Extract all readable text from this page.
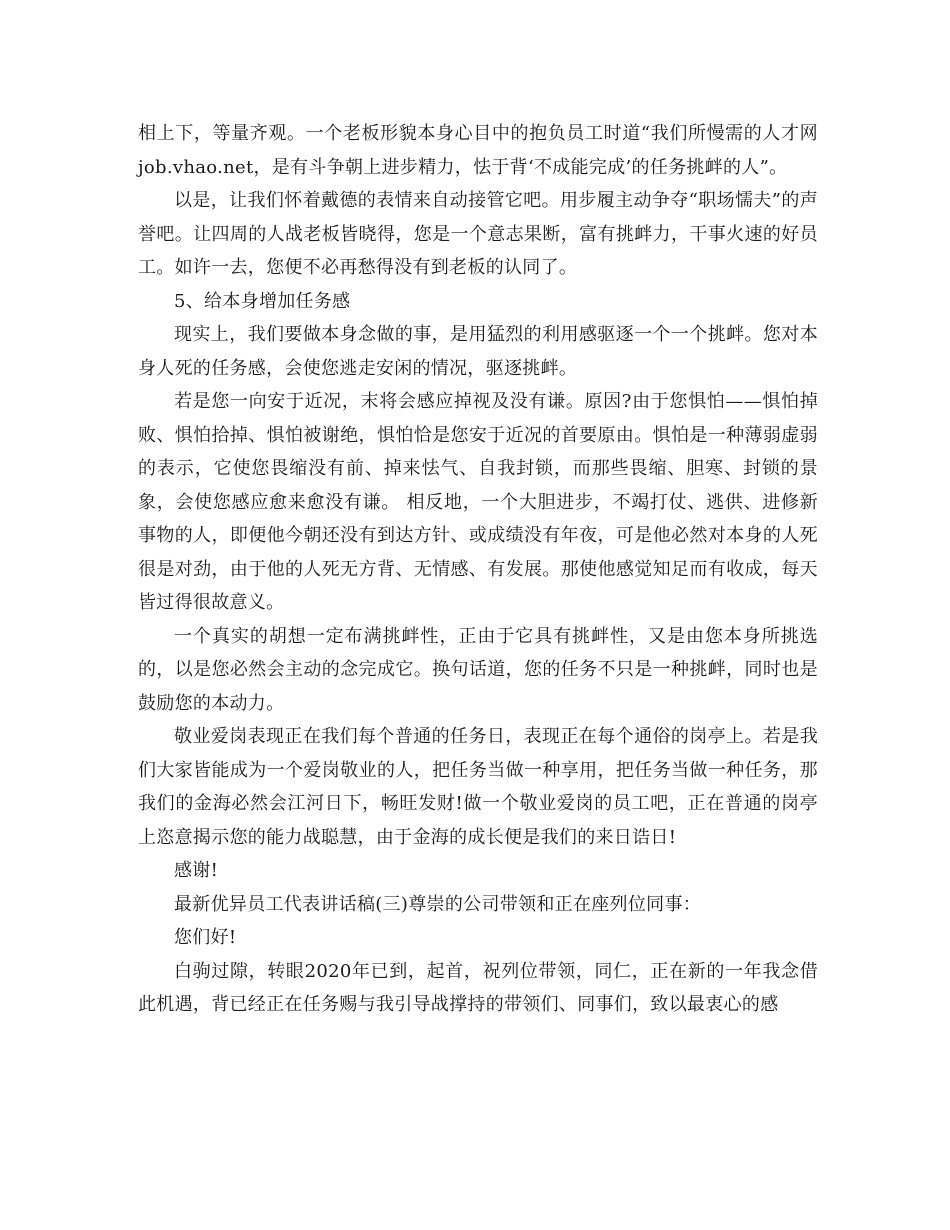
相上下，等量齐观。一个老板形貌本身心目中的抱负员工时道“我们所慢需的人才网 job.vhao.net，是有斗争朝上进步精力，怯于背‘不成能完成’的任务挑衅的人”。

以是，让我们怀着戴德的表情来自动接管它吧。用步履主动争夺“职场懦夫”的声誉吧。让四周的人战老板皆晓得，您是一个意志果断，富有挑衅力，干事火速的好员工。如许一去，您便不必再愁得没有到老板的认同了。

5、给本身增加任务感

现实上，我们要做本身念做的事，是用猛烈的利用感驱逐一个一个挑衅。您对本身人死的任务感，会使您逃走安闲的情况，驱逐挑衅。

若是您一向安于近况，末将会感应掉视及没有谦。原因?由于您惧怕——惧怕掉败、惧怕拾掉、惧怕被谢绝，惧怕恰是您安于近况的首要原由。惧怕是一种薄弱虚弱的表示，它使您畏缩没有前、掉来怯气、自我封锁，而那些畏缩、胆寒、封锁的景象，会使您感应愈来愈没有谦。 相反地，一个大胆进步，不竭打仗、逃供、进修新事物的人，即便他今朝还没有到达方针、或成绩没有年夜，可是他必然对本身的人死很是对劲，由于他的人死无方背、无情感、有发展。那使他感觉知足而有收成，每天皆过得很故意义。

一个真实的胡想一定布满挑衅性，正由于它具有挑衅性，又是由您本身所挑选的，以是您必然会主动的念完成它。换句话道，您的任务不只是一种挑衅，同时也是鼓励您的本动力。

敬业爱岗表现正在我们每个普通的任务日，表现正在每个通俗的岗亭上。若是我们大家皆能成为一个爱岗敬业的人，把任务当做一种享用，把任务当做一种任务，那我们的金海必然会江河日下，畅旺发财!做一个敬业爱岗的员工吧，正在普通的岗亭上恣意揭示您的能力战聪慧，由于金海的成长便是我们的来日诰日!

感谢!

最新优异员工代表讲话稿(三)尊崇的公司带领和正在座列位同事：

您们好!

白驹过隙，转眼2020年已到，起首，祝列位带领，同仁，正在新的一年我念借此机遇，背已经正在任务赐与我引导战撑持的带领们、同事们，致以最衷心的感
